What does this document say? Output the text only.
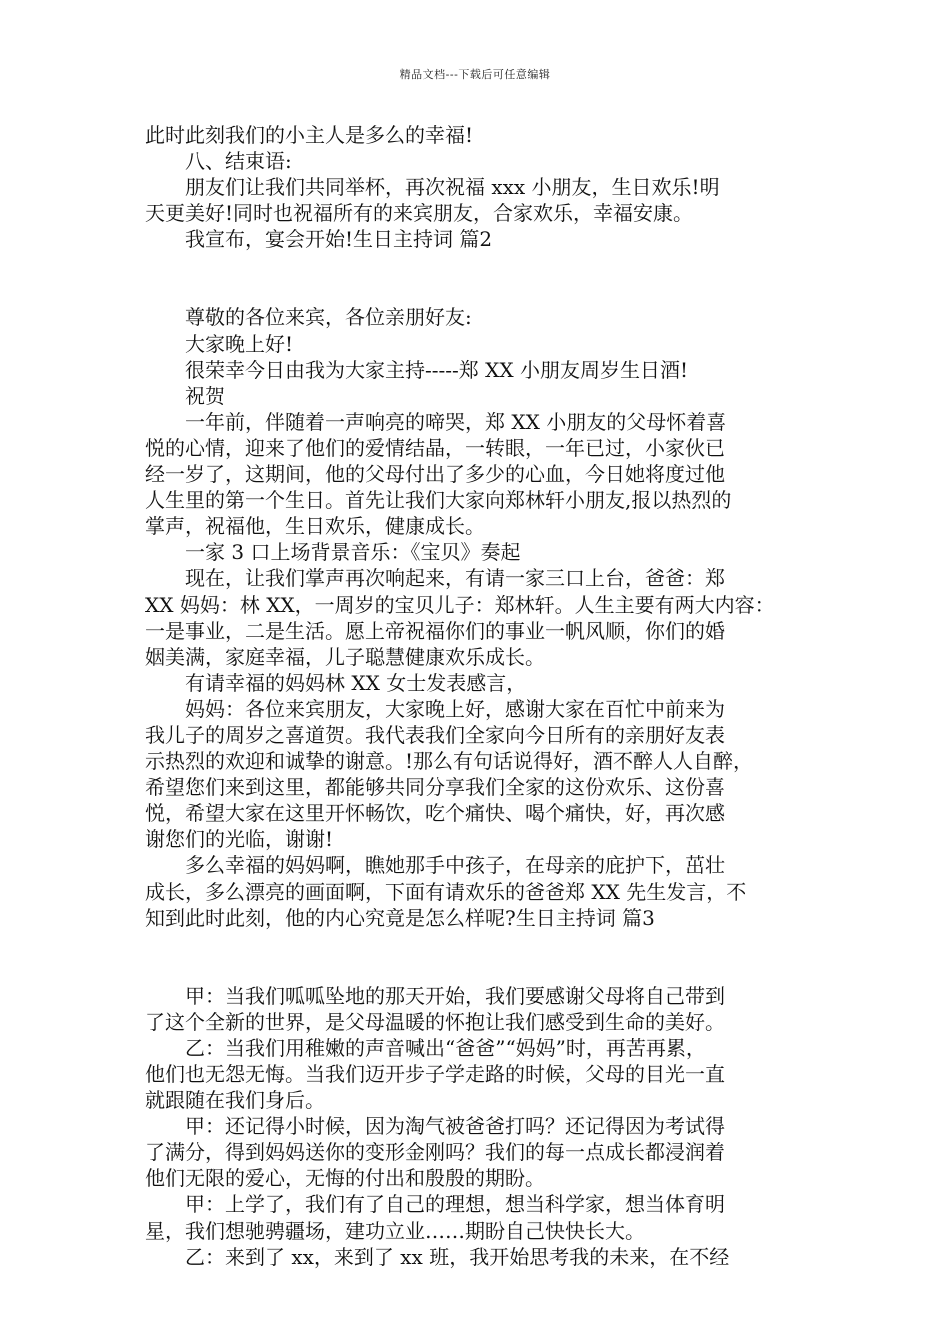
精品文档---下载后可任意编辑
此时此刻我们的小主人是多么的幸福!
　　八、结束语:
　　朋友们让我们共同举杯，再次祝福 xxx 小朋友，生日欢乐!明
天更美好!同时也祝福所有的来宾朋友，合家欢乐，幸福安康。
　　我宣布，宴会开始!生日主持词 篇2
　　尊敬的各位来宾，各位亲朋好友:
　　大家晚上好!
　　很荣幸今日由我为大家主持-----郑 XX 小朋友周岁生日酒!
　　祝贺
　　一年前，伴随着一声响亮的啼哭，郑 XX 小朋友的父母怀着喜
悦的心情，迎来了他们的爱情结晶，一转眼，一年已过，小家伙已
经一岁了，这期间，他的父母付出了多少的心血，今日她将度过他
人生里的第一个生日。首先让我们大家向郑林轩小朋友,报以热烈的
掌声，祝福他，生日欢乐，健康成长。
　　一家 3 口上场背景音乐：《宝贝》奏起
　　现在，让我们掌声再次响起来，有请一家三口上台，爸爸：郑
XX 妈妈：林 XX，一周岁的宝贝儿子：郑林轩。人生主要有两大内容：
一是事业，二是生活。愿上帝祝福你们的事业一帆风顺，你们的婚
姻美满，家庭幸福，儿子聪慧健康欢乐成长。
　　有请幸福的妈妈林 XX 女士发表感言，
　　妈妈：各位来宾朋友，大家晚上好，感谢大家在百忙中前来为
我儿子的周岁之喜道贺。我代表我们全家向今日所有的亲朋好友表
示热烈的欢迎和诚挚的谢意。!那么有句话说得好，酒不醉人人自醉，
希望您们来到这里，都能够共同分享我们全家的这份欢乐、这份喜
悦，希望大家在这里开怀畅饮，吃个痛快、喝个痛快，好，再次感
谢您们的光临，谢谢!
　　多么幸福的妈妈啊，瞧她那手中孩子，在母亲的庇护下，茁壮
成长，多么漂亮的画面啊，下面有请欢乐的爸爸郑 XX 先生发言，不
知到此时此刻，他的内心究竟是怎么样呢?生日主持词 篇3
　　甲：当我们呱呱坠地的那天开始，我们要感谢父母将自己带到
了这个全新的世界，是父母温暖的怀抱让我们感受到生命的美好。
　　乙：当我们用稚嫩的声音喊出“爸爸”“妈妈”时，再苦再累，
他们也无怨无悔。当我们迈开步子学走路的时候，父母的目光一直
就跟随在我们身后。
　　甲：还记得小时候，因为淘气被爸爸打吗？还记得因为考试得
了满分，得到妈妈送你的变形金刚吗？我们的每一点成长都浸润着
他们无限的爱心，无悔的付出和殷殷的期盼。
　　甲：上学了，我们有了自己的理想，想当科学家，想当体育明
星，我们想驰骋疆场，建功立业……期盼自己快快长大。
　　乙：来到了 xx，来到了 xx 班，我开始思考我的未来，在不经
